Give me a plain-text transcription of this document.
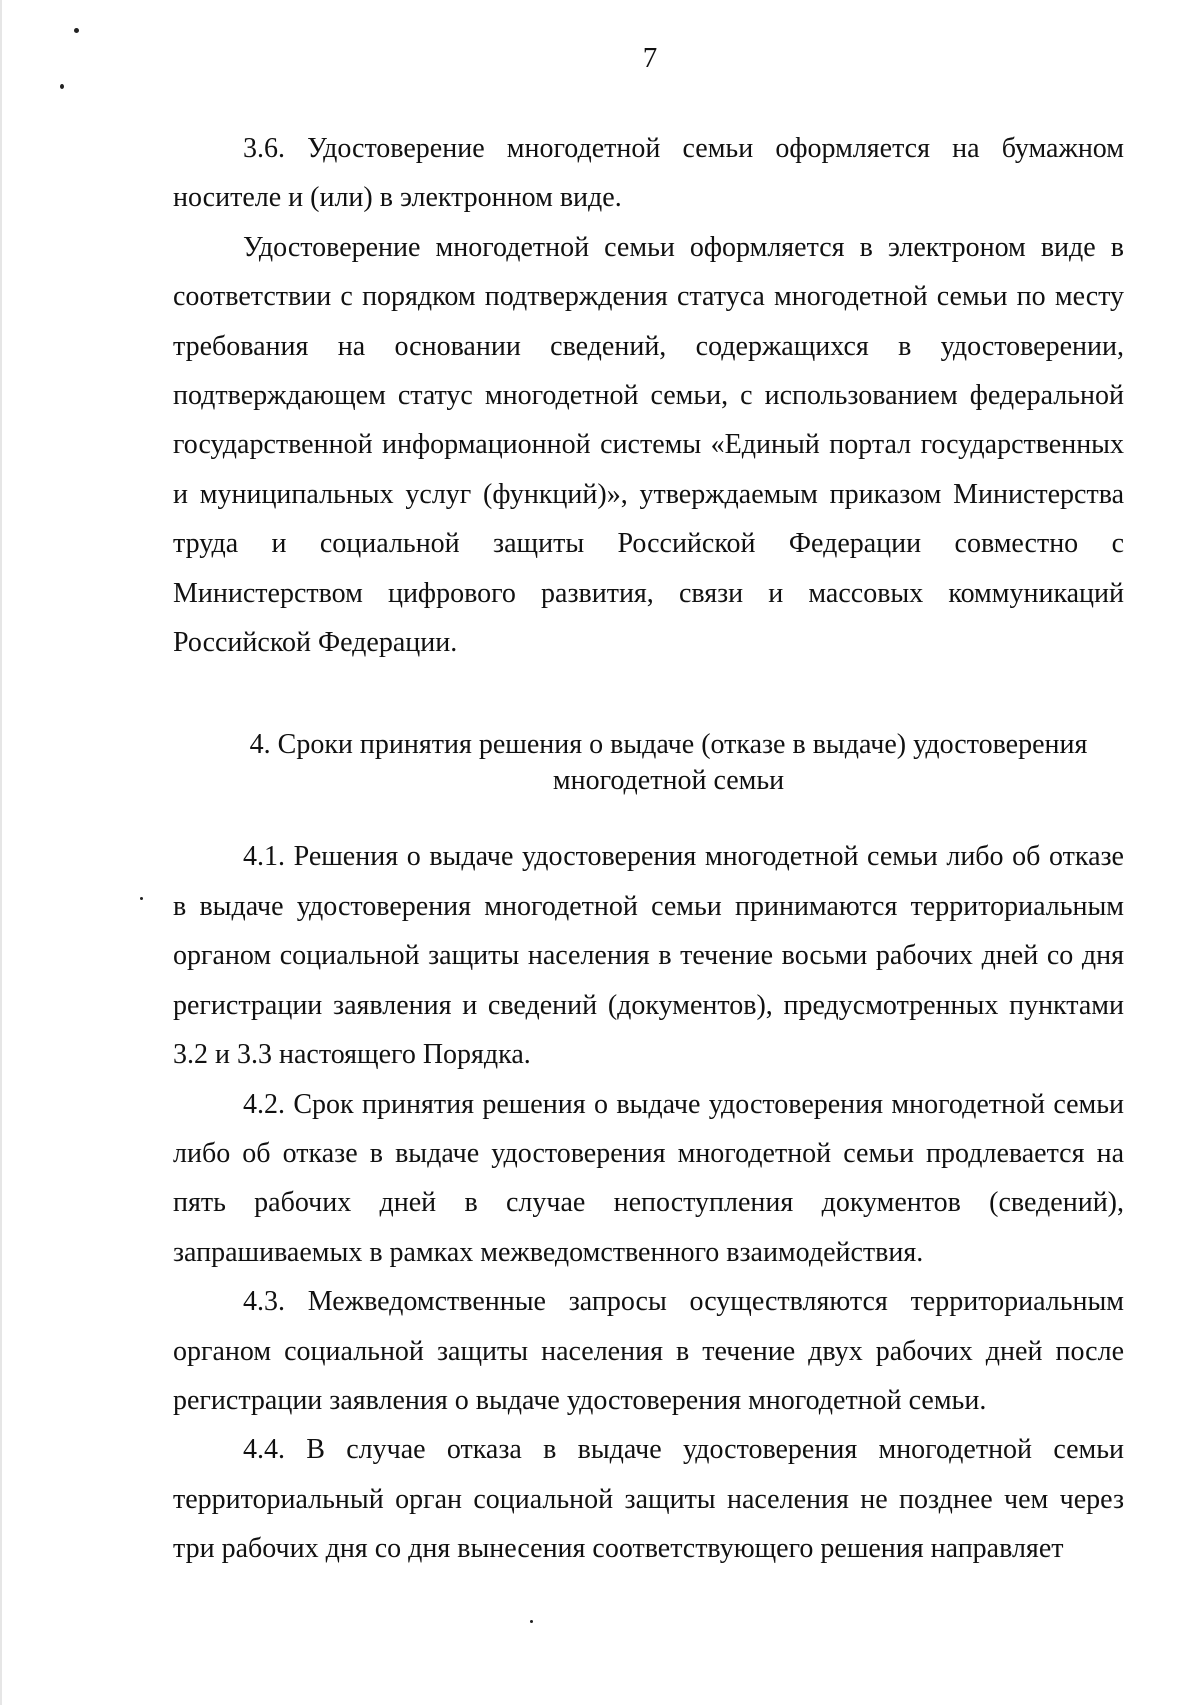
7

3.6. Удостоверение многодетной семьи оформляется на бумажном носителе и (или) в электронном виде.

Удостоверение многодетной семьи оформляется в электроном виде в соответствии с порядком подтверждения статуса многодетной семьи по месту требования на основании сведений, содержащихся в удостоверении, подтверждающем статус многодетной семьи, с использованием федеральной государственной информационной системы «Единый портал государственных и муниципальных услуг (функций)», утверждаемым приказом Министерства труда и социальной защиты Российской Федерации совместно с Министерством цифрового развития, связи и массовых коммуникаций Российской Федерации.

4. Сроки принятия решения о выдаче (отказе в выдаче) удостоверения
многодетной семьи

4.1. Решения о выдаче удостоверения многодетной семьи либо об отказе в выдаче удостоверения многодетной семьи принимаются территориальным органом социальной защиты населения в течение восьми рабочих дней со дня регистрации заявления и сведений (документов), предусмотренных пунктами 3.2 и 3.3 настоящего Порядка.

4.2. Срок принятия решения о выдаче удостоверения многодетной семьи либо об отказе в выдаче удостоверения многодетной семьи продлевается на пять рабочих дней в случае непоступления документов (сведений), запрашиваемых в рамках межведомственного взаимодействия.

4.3. Межведомственные запросы осуществляются территориальным органом социальной защиты населения в течение двух рабочих дней после регистрации заявления о выдаче удостоверения многодетной семьи.

4.4. В случае отказа в выдаче удостоверения многодетной семьи территориальный орган социальной защиты населения не позднее чем через три рабочих дня со дня вынесения соответствующего решения направляет
